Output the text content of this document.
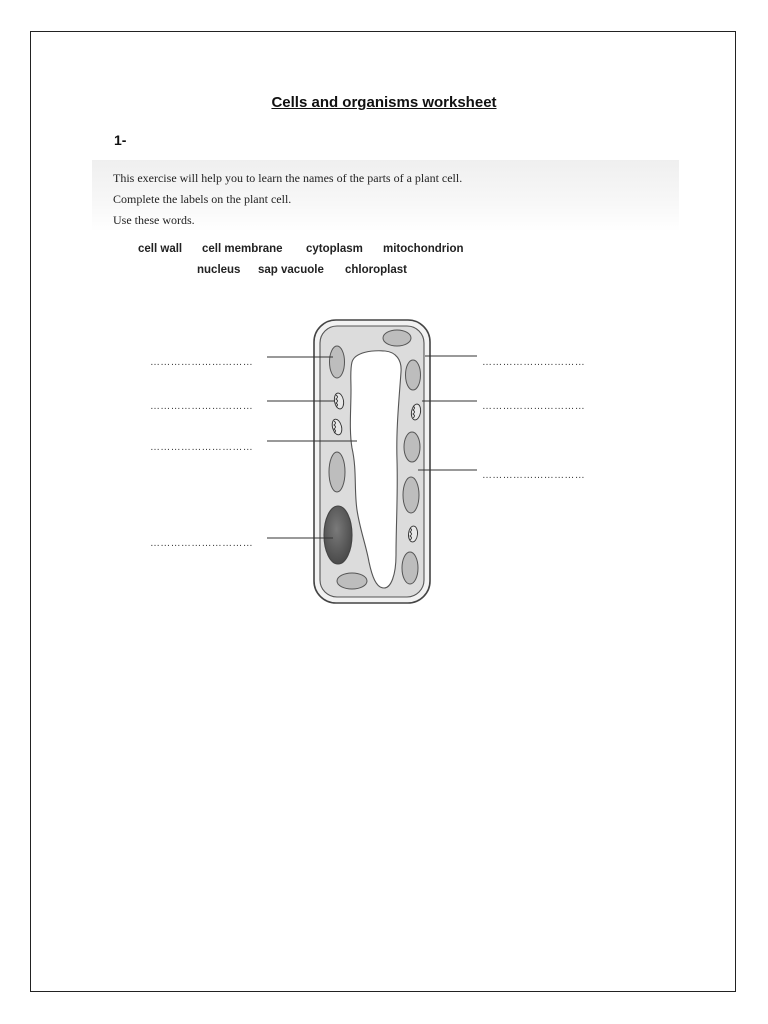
Cells and organisms worksheet
1-
This exercise will help you to learn the names of the parts of a plant cell.
Complete the labels on the plant cell.
Use these words.
cell wall cell membrane cytoplasm mitochondrion
nucleus sap vacuole chloroplast
…………………………
…………………………
…………………………
…………………………
…………………………
…………………………
…………………………
